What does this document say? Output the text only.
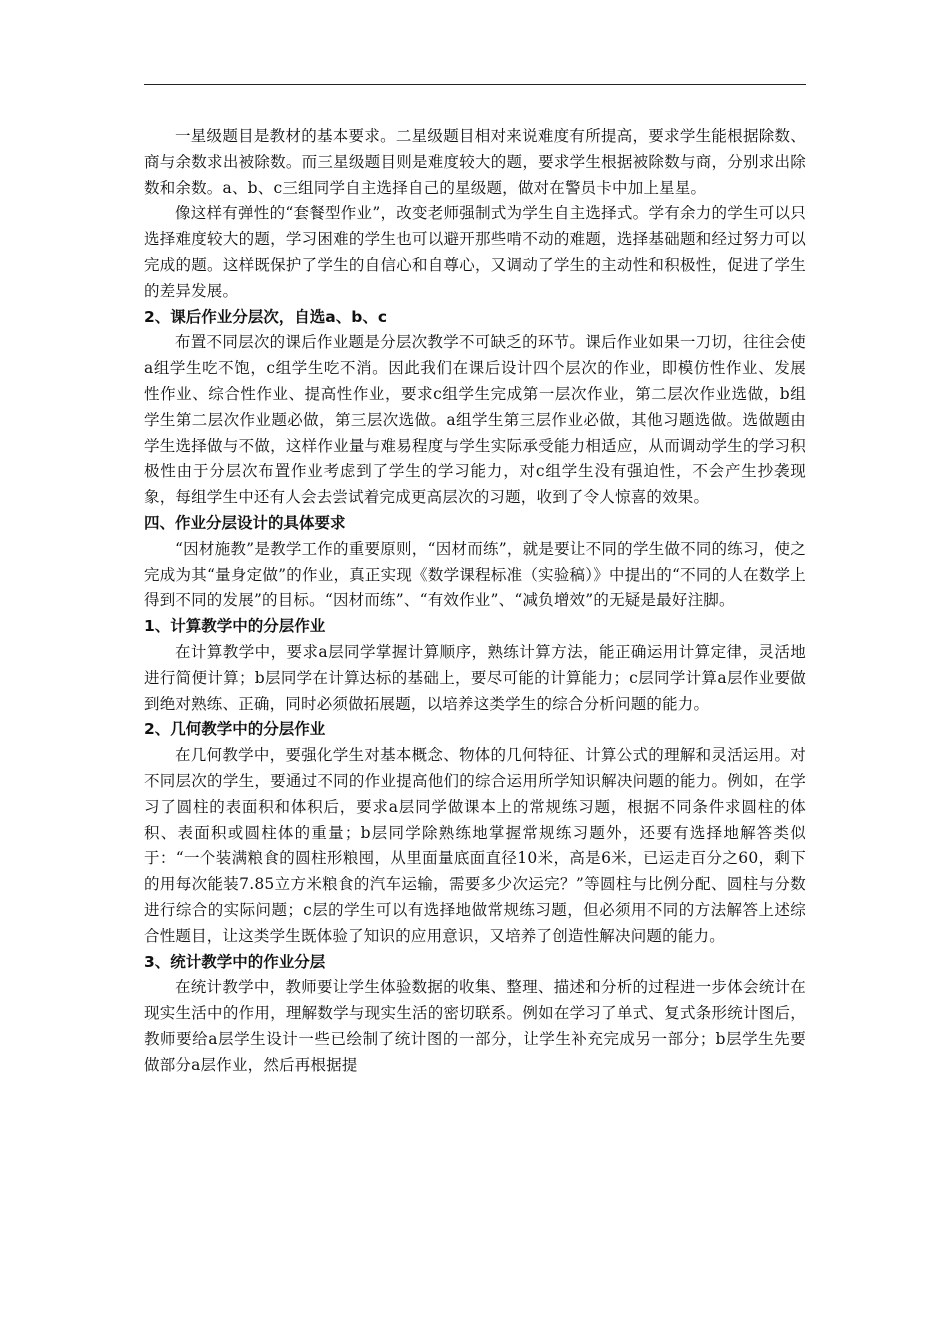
一星级题目是教材的基本要求。二星级题目相对来说难度有所提高，要求学生能根据除数、商与余数求出被除数。而三星级题目则是难度较大的题，要求学生根据被除数与商，分别求出除数和余数。a、b、c三组同学自主选择自己的星级题，做对在警员卡中加上星星。

像这样有弹性的“套餐型作业”，改变老师强制式为学生自主选择式。学有余力的学生可以只选择难度较大的题，学习困难的学生也可以避开那些啃不动的难题，选择基础题和经过努力可以完成的题。这样既保护了学生的自信心和自尊心，又调动了学生的主动性和积极性，促进了学生的差异发展。

2、课后作业分层次，自选a、b、c

布置不同层次的课后作业题是分层次教学不可缺乏的环节。课后作业如果一刀切，往往会使a组学生吃不饱，c组学生吃不消。因此我们在课后设计四个层次的作业，即模仿性作业、发展性作业、综合性作业、提高性作业，要求c组学生完成第一层次作业，第二层次作业选做，b组学生第二层次作业题必做，第三层次选做。a组学生第三层作业必做，其他习题选做。选做题由学生选择做与不做，这样作业量与难易程度与学生实际承受能力相适应，从而调动学生的学习积极性由于分层次布置作业考虑到了学生的学习能力，对c组学生没有强迫性，不会产生抄袭现象，每组学生中还有人会去尝试着完成更高层次的习题，收到了令人惊喜的效果。

四、作业分层设计的具体要求

“因材施教”是教学工作的重要原则，“因材而练”，就是要让不同的学生做不同的练习，使之完成为其“量身定做”的作业，真正实现《数学课程标准（实验稿）》中提出的“不同的人在数学上得到不同的发展”的目标。“因材而练”、“有效作业”、“减负增效”的无疑是最好注脚。

1、计算教学中的分层作业

在计算教学中，要求a层同学掌握计算顺序，熟练计算方法，能正确运用计算定律，灵活地进行简便计算；b层同学在计算达标的基础上，要尽可能的计算能力；c层同学计算a层作业要做到绝对熟练、正确，同时必须做拓展题，以培养这类学生的综合分析问题的能力。

2、几何教学中的分层作业

在几何教学中，要强化学生对基本概念、物体的几何特征、计算公式的理解和灵活运用。对不同层次的学生，要通过不同的作业提高他们的综合运用所学知识解决问题的能力。例如，在学习了圆柱的表面积和体积后，要求a层同学做课本上的常规练习题，根据不同条件求圆柱的体积、表面积或圆柱体的重量；b层同学除熟练地掌握常规练习题外，还要有选择地解答类似于：“一个装满粮食的圆柱形粮囤，从里面量底面直径10米，高是6米，已运走百分之60，剩下的用每次能装7.85立方米粮食的汽车运输，需要多少次运完？”等圆柱与比例分配、圆柱与分数进行综合的实际问题；c层的学生可以有选择地做常规练习题，但必须用不同的方法解答上述综合性题目，让这类学生既体验了知识的应用意识，又培养了创造性解决问题的能力。

3、统计教学中的作业分层

在统计教学中，教师要让学生体验数据的收集、整理、描述和分析的过程进一步体会统计在现实生活中的作用，理解数学与现实生活的密切联系。例如在学习了单式、复式条形统计图后，教师要给a层学生设计一些已绘制了统计图的一部分，让学生补充完成另一部分；b层学生先要做部分a层作业，然后再根据提
